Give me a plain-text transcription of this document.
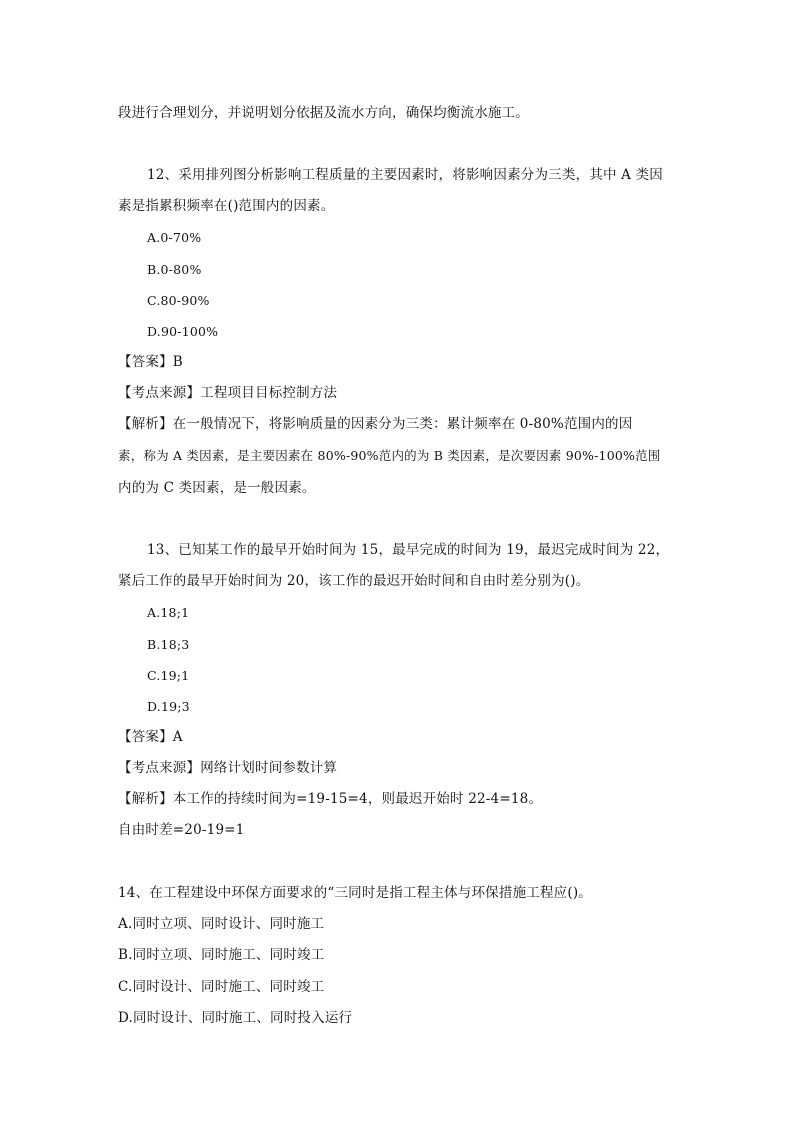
段进行合理划分，并说明划分依据及流水方向，确保均衡流水施工。
12、采用排列图分析影响工程质量的主要因素时，将影响因素分为三类，其中 A 类因
素是指累积频率在()范围内的因素。
A.0-70%
B.0-80%
C.80-90%
D.90-100%
【答案】B
【考点来源】工程项目目标控制方法
【解析】在一般情况下，将影响质量的因素分为三类：累计频率在 0-80%范围内的因
素，称为 A 类因素，是主要因素在 80%-90%范内的为 B 类因素，是次要因素 90%-100%范围
内的为 C 类因素，是一般因素。
13、已知某工作的最早开始时间为 15，最早完成的时间为 19，最迟完成时间为 22，
紧后工作的最早开始时间为 20，该工作的最迟开始时间和自由时差分别为()。
A.18;1
B.18;3
C.19;1
D.19;3
【答案】A
【考点来源】网络计划时间参数计算
【解析】本工作的持续时间为=19-15=4，则最迟开始时 22-4=18。
自由时差=20-19=1
14、在工程建设中环保方面要求的“三同时是指工程主体与环保措施工程应()。
A.同时立项、同时设计、同时施工
B.同时立项、同时施工、同时竣工
C.同时设计、同时施工、同时竣工
D.同时设计、同时施工、同时投入运行
